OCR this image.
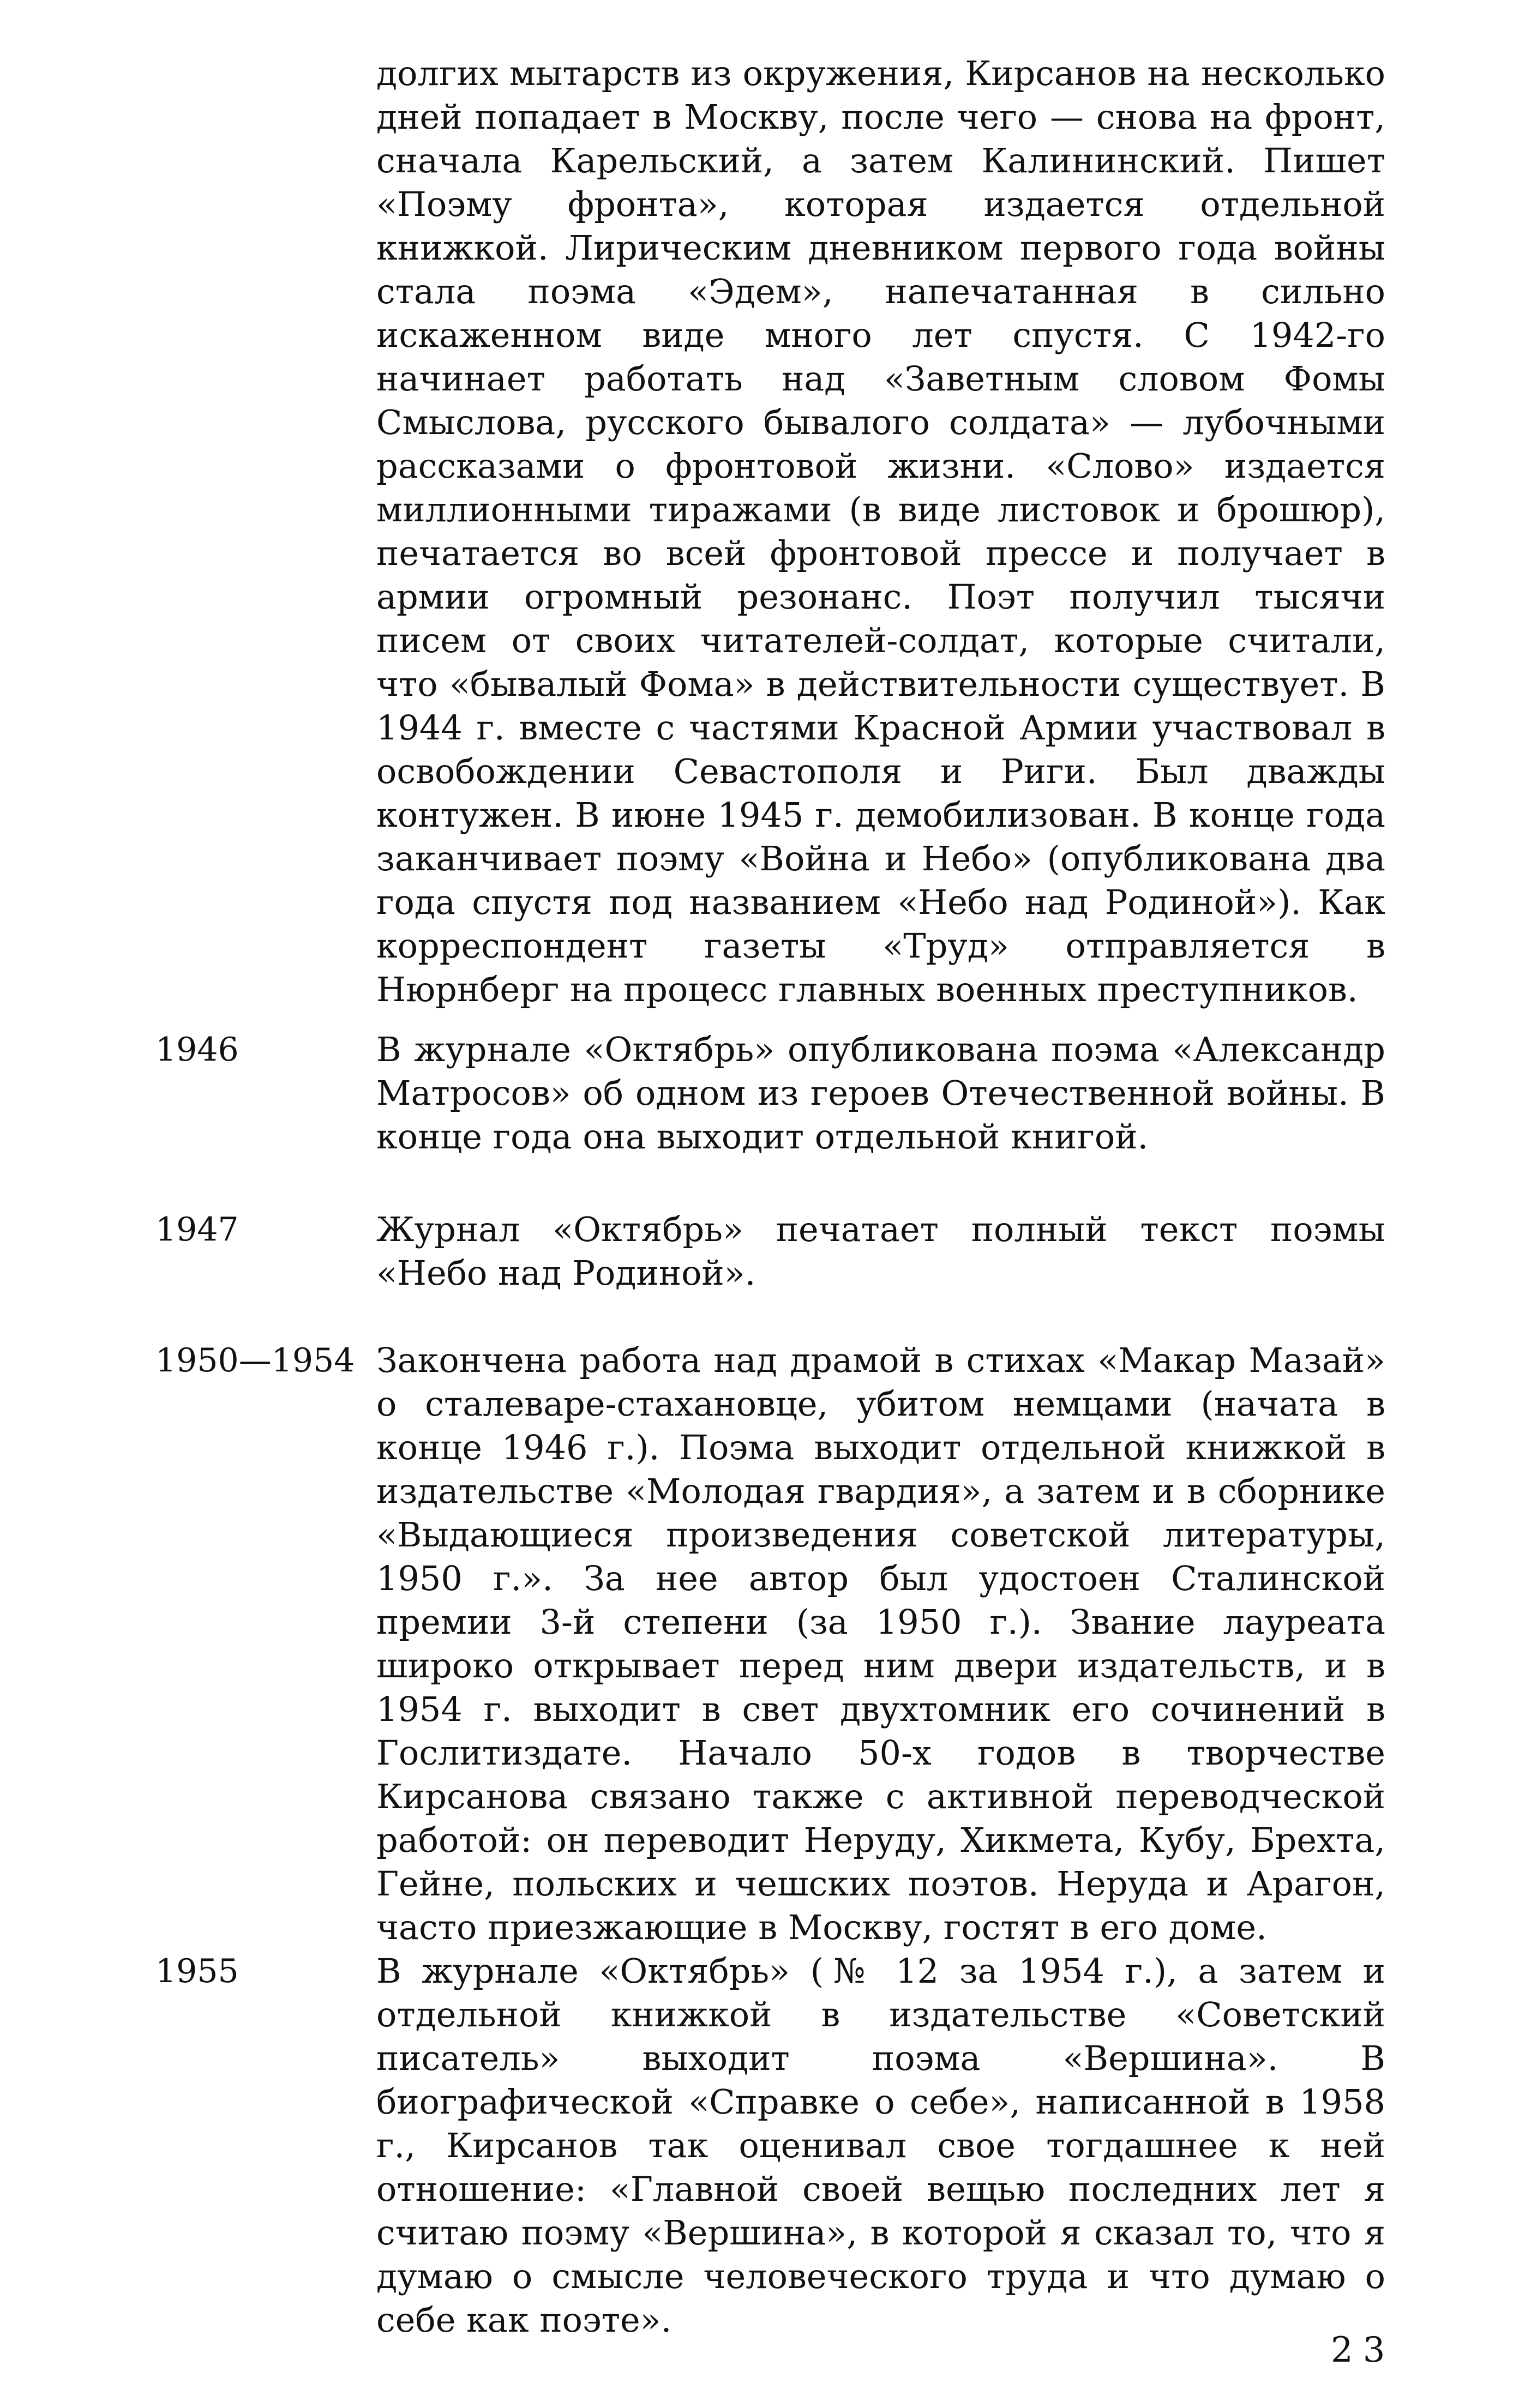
долгих мытарств из окружения, Кирсанов на несколько дней попадает в Москву, после чего — снова на фронт, сначала Карельский, а затем Калининский. Пишет «Поэму фронта», которая издается отдельной книжкой. Лирическим дневником первого года войны стала поэма «Эдем», напечатанная в сильно искаженном виде много лет спустя. С 1942-го начинает работать над «Заветным словом Фомы Смыслова, русского бывалого солдата» — лубочными рассказами о фронтовой жизни. «Слово» издается миллионными тиражами (в виде листовок и брошюр), печатается во всей фронтовой прессе и получает в армии огромный резонанс. Поэт получил тысячи писем от своих читателей-солдат, которые считали, что «бывалый Фома» в действительности существует. В 1944 г. вместе с частями Красной Армии участвовал в освобождении Севастополя и Риги. Был дважды контужен. В июне 1945 г. демобилизован. В конце года заканчивает поэму «Война и Небо» (опубликована два года спустя под названием «Небо над Родиной»). Как корреспондент газеты «Труд» отправляется в Нюрнберг на процесс главных военных преступников.

1946	В журнале «Октябрь» опубликована поэма «Александр Матросов» об одном из героев Отечественной войны. В конце года она выходит отдельной книгой.

1947	Журнал «Октябрь» печатает полный текст поэмы «Небо над Родиной».

1950—1954 Закончена работа над драмой в стихах «Макар Мазай» о сталеваре-стахановце, убитом немцами (начата в конце 1946 г.). Поэма выходит отдельной книжкой в издательстве «Молодая гвардия», а затем и в сборнике «Выдающиеся произведения советской литературы, 1950 г.». За нее автор был удостоен Сталинской премии 3-й степени (за 1950 г.). Звание лауреата широко открывает перед ним двери издательств, и в 1954 г. выходит в свет двухтомник его сочинений в Гослитиздате. Начало 50-х годов в творчестве Кирсанова связано также с активной переводческой работой: он переводит Неруду, Хикмета, Кубу, Брехта, Гейне, польских и чешских поэтов. Неруда и Арагон, часто приезжающие в Москву, гостят в его доме.

1955	В журнале «Октябрь» (№ 12 за 1954 г.), а затем и отдельной книжкой в издательстве «Советский писатель» выходит поэма «Вершина». В биографической «Справке о себе», написанной в 1958 г., Кирсанов так оценивал свое тогдашнее к ней отношение: «Главной своей вещью последних лет я считаю поэму «Вершина», в которой я сказал то, что я думаю о смысле человеческого труда и что думаю о себе как поэте».

23
